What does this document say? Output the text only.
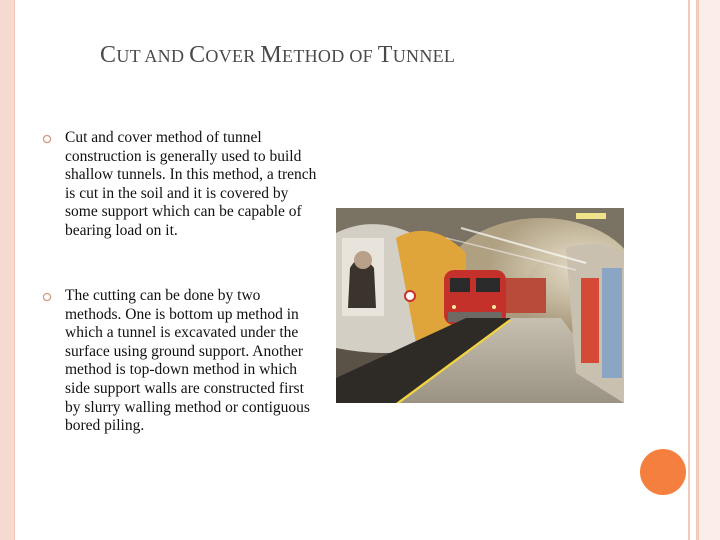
CUT AND COVER METHOD OF TUNNEL
Cut and cover method of tunnel construction is generally used to build shallow tunnels. In this method, a trench is cut in the soil and it is covered by some support which can be capable of bearing load on it.
The cutting can be done by two methods. One is bottom up method in which a tunnel is excavated under the surface using ground support. Another method is top-down method in which side support walls are constructed first by slurry walling method or contiguous bored piling.
